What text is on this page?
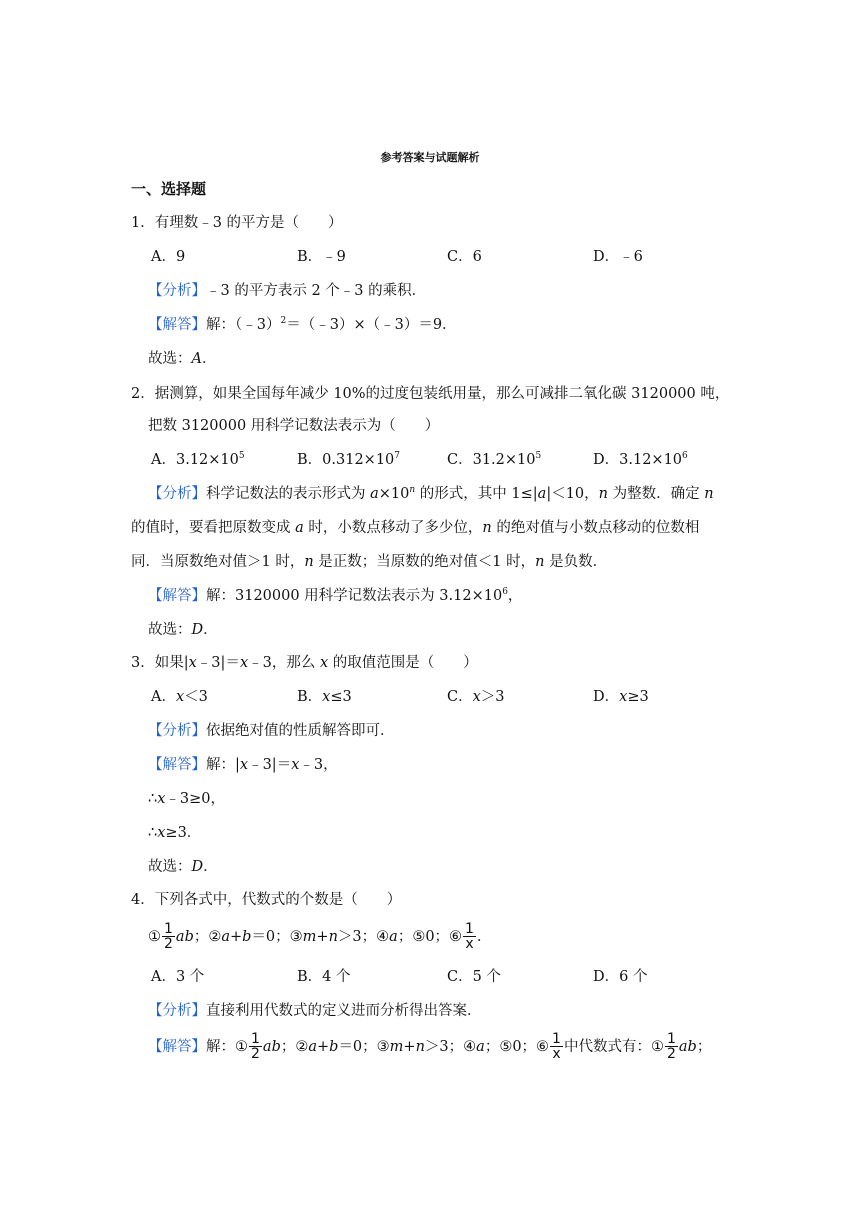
参考答案与试题解析
一、选择题
1．有理数﹣3 的平方是（　　）
A．9	B．﹣9	C．6	D．﹣6
【分析】﹣3 的平方表示 2 个﹣3 的乘积．
【解答】解：（﹣3）$^2$＝（﹣3）×（﹣3）＝9．
故选：A．
2．据测算，如果全国每年减少 10%的过度包装纸用量，那么可减排二氧化碳 3120000 吨，
把数 3120000 用科学记数法表示为（　　）
A．$3.12\times 10^5$	B．$0.312\times 10^7$	C．$31.2\times 10^5$	D．$3.12\times 10^6$
【分析】科学记数法的表示形式为 $a\times 10^n$ 的形式，其中 1≤|a|＜10，n 为整数．确定 n
的值时，要看把原数变成 a 时，小数点移动了多少位，n 的绝对值与小数点移动的位数相
同．当原数绝对值＞1 时，n 是正数；当原数的绝对值＜1 时，n 是负数．
【解答】解：3120000 用科学记数法表示为 $3.12\times 10^6$，
故选：D．
3．如果|x﹣3|＝x﹣3，那么 x 的取值范围是（　　）
A．x＜3	B．x≤3	C．x＞3	D．x≥3
【分析】依据绝对值的性质解答即可．
【解答】解：|x﹣3|＝x﹣3，
∴x﹣3≥0，
∴x≥3．
故选：D．
4．下列各式中，代数式的个数是（　　）
① $\frac{1}{2}$ ab；②a+b＝0；③m+n＞3；④a；⑤0；⑥ $\frac{1}{x}$ ．
A．3 个	B．4 个	C．5 个	D．6 个
【分析】直接利用代数式的定义进而分析得出答案．
【解答】解：① $\frac{1}{2}$ ab；②a+b＝0；③m+n＞3；④a；⑤0；⑥ $\frac{1}{x}$ 中代数式有：① $\frac{1}{2}$ ab；
